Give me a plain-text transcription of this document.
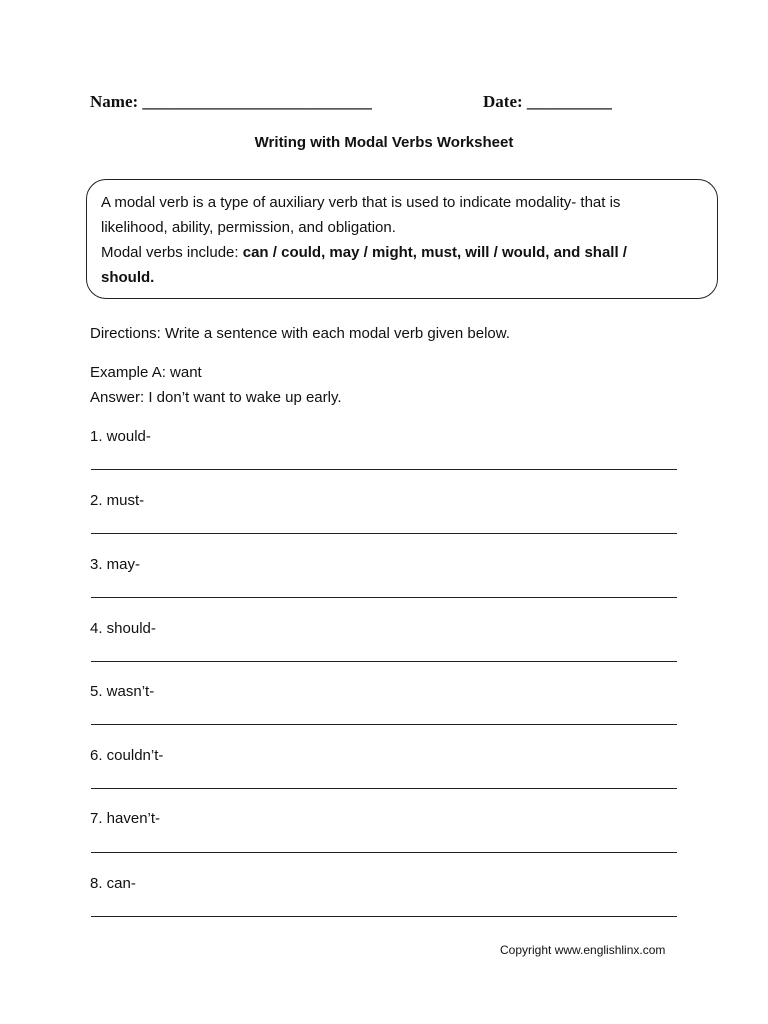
Name: ___________________________	Date: __________
Writing with Modal Verbs Worksheet
A modal verb is a type of auxiliary verb that is used to indicate modality- that is
likelihood, ability, permission, and obligation.
Modal verbs include: can / could, may / might, must, will / would, and shall /
should.
Directions: Write a sentence with each modal verb given below.
Example A: want
Answer: I don’t want to wake up early.
1. would-
2. must-
3. may-
4. should-
5. wasn’t-
6. couldn’t-
7. haven’t-
8. can-
Copyright www.englishlinx.com
